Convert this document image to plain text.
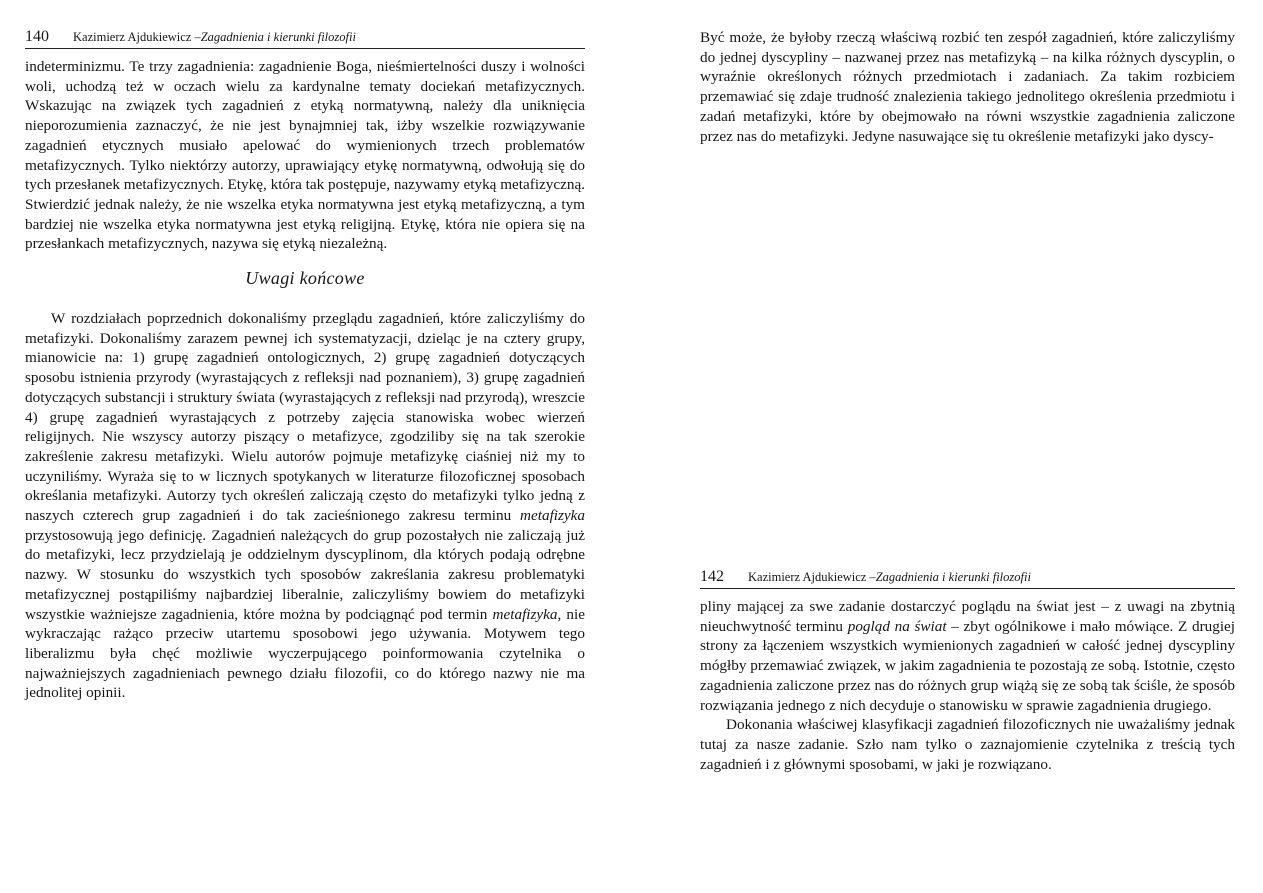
140 Kazimierz Ajdukiewicz – Zagadnienia i kierunki filozofii

indeterminizmu. Te trzy zagadnienia: zagadnienie Boga, nieśmiertelności duszy i wolności woli, uchodzą też w oczach wielu za kardynalne tematy dociekań metafizycznych. Wskazując na związek tych zagadnień z etyką normatywną, należy dla uniknięcia nieporozumienia zaznaczyć, że nie jest bynajmniej tak, iżby wszelkie rozwiązywanie zagadnień etycznych musiało apelować do wymienionych trzech problematów metafizycznych. Tylko niektórzy autorzy, uprawiający etykę normatywną, odwołują się do tych przesłanek metafizycznych. Etykę, która tak postępuje, nazywamy etyką metafizyczną. Stwierdzić jednak należy, że nie wszelka etyka normatywna jest etyką metafizyczną, a tym bardziej nie wszelka etyka normatywna jest etyką religijną. Etykę, która nie opiera się na przesłankach metafizycznych, nazywa się etyką niezależną.

Uwagi końcowe

W rozdziałach poprzednich dokonaliśmy przeglądu zagadnień, które zaliczyliśmy do metafizyki. Dokonaliśmy zarazem pewnej ich systematyzacji, dzieląc je na cztery grupy, mianowicie na: 1) grupę zagadnień ontologicznych, 2) grupę zagadnień dotyczących sposobu istnienia przyrody (wyrastających z refleksji nad poznaniem), 3) grupę zagadnień dotyczących substancji i struktury świata (wyrastających z refleksji nad przyrodą), wreszcie 4) grupę zagadnień wyrastających z potrzeby zajęcia stanowiska wobec wierzeń religijnych. Nie wszyscy autorzy piszący o metafizyce, zgodziliby się na tak szerokie zakreślenie zakresu metafizyki. Wielu autorów pojmuje metafizykę ciaśniej niż my to uczyniliśmy. Wyraża się to w licznych spotykanych w literaturze filozoficznej sposobach określania metafizyki. Autorzy tych określeń zaliczają często do metafizyki tylko jedną z naszych czterech grup zagadnień i do tak zacieśnionego zakresu terminu metafizyka przystosowują jego definicję. Zagadnień należących do grup pozostałych nie zaliczają już do metafizyki, lecz przydzielają je oddzielnym dyscyplinom, dla których podają odrębne nazwy. W stosunku do wszystkich tych sposobów zakreślania zakresu problematyki metafizycznej postąpiliśmy najbardziej liberalnie, zaliczyliśmy bowiem do metafizyki wszystkie ważniejsze zagadnienia, które można by podciągnąć pod termin metafizyka, nie wykraczając rażąco przeciw utartemu sposobowi jego używania. Motywem tego liberalizmu była chęć możliwie wyczerpującego poinformowania czytelnika o najważniejszych zagadnieniach pewnego działu filozofii, co do którego nazwy nie ma jednolitej opinii.

Być może, że byłoby rzeczą właściwą rozbić ten zespół zagadnień, które zaliczyliśmy do jednej dyscypliny – nazwanej przez nas metafizyką – na kilka różnych dyscyplin, o wyraźnie określonych różnych przedmiotach i zadaniach. Za takim rozbiciem przemawiać się zdaje trudność znalezienia takiego jednolitego określenia przedmiotu i zadań metafizyki, które by obejmowało na równi wszystkie zagadnienia zaliczone przez nas do metafizyki. Jedyne nasuwające się tu określenie metafizyki jako dyscy-

142 Kazimierz Ajdukiewicz – Zagadnienia i kierunki filozofii

pliny mającej za swe zadanie dostarczyć poglądu na świat jest – z uwagi na zbytnią nieuchwytność terminu pogląd na świat – zbyt ogólnikowe i mało mówiące. Z drugiej strony za łączeniem wszystkich wymienionych zagadnień w całość jednej dyscypliny mógłby przemawiać związek, w jakim zagadnienia te pozostają ze sobą. Istotnie, często zagadnienia zaliczone przez nas do różnych grup wiążą się ze sobą tak ściśle, że sposób rozwiązania jednego z nich decyduje o stanowisku w sprawie zagadnienia drugiego.

Dokonania właściwej klasyfikacji zagadnień filozoficznych nie uważaliśmy jednak tutaj za nasze zadanie. Szło nam tylko o zaznajomienie czytelnika z treścią tych zagadnień i z głównymi sposobami, w jaki je rozwiązano.
